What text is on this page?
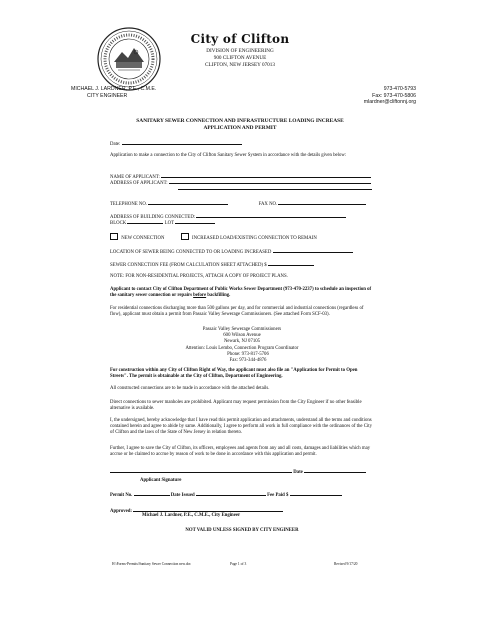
City of Clifton
DIVISION OF ENGINEERING
900 CLIFTON AVENUE
CLIFTON, NEW JERSEY 07013
MICHAEL J. LARDNER, P.E., C.M.E.
CITY ENGINEER
973-470-5793
Fax: 973-470-5806
mlardner@cliftonnj.org
SANITARY SEWER CONNECTION AND INFRASTRUCTURE LOADING INCREASE
APPLICATION AND PERMIT
Date:
Application to make a connection to the City of Clifton Sanitary Sewer System in accordance with the details given below:
NAME OF APPLICANT:
ADDRESS OF APPLICANT:
TELEPHONE NO.	FAX NO.
ADDRESS OF BUILDING CONNECTED:
BLOCK	LOT
NEW CONNECTION	INCREASED LOAD/EXISTING CONNECTION TO REMAIN
LOCATION OF SEWER BEING CONNECTED TO OR LOADING INCREASED
SEWER CONNECTION FEE (FROM CALCULATION SHEET ATTACHED) $
NOTE: FOR NON-RESIDENTIAL PROJECTS, ATTACH A COPY OF PROJECT PLANS.
Applicant to contact City of Clifton Department of Public Works Sewer Department (973-470-2237) to schedule an inspection of the sanitary sewer connection or repairs before backfilling.
For residential connections discharging more than 500 gallons per day, and for commercial and industrial connections (regardless of flow), applicant must obtain a permit from Passaic Valley Sewerage Commissioners. (See attached Form SCF-03).
Passaic Valley Sewerage Commissioners
600 Wilson Avenue
Newark, NJ 07105
Attention: Louis Lembo, Connection Program Coordinator
Phone: 973-817-5706
Fax: 973-344-4876
For construction within any City of Clifton Right of Way, the applicant must also file an "Application for Permit to Open Streets". The permit is obtainable at the City of Clifton, Department of Engineering.
All constructed connections are to be made in accordance with the attached details.
Direct connections to sewer manholes are prohibited. Applicant may request permission from the City Engineer if no other feasible alternative is available.
I, the undersigned, hereby acknowledge that I have read this permit application and attachments, understand all the terms and conditions contained herein and agree to abide by same. Additionally, I agree to perform all work in full compliance with the ordinances of the City of Clifton and the laws of the State of New Jersey in relation thereto.
Further, I agree to save the City of Clifton, its officers, employees and agents from any and all costs, damages and liabilities which may accrue or be claimed to accrue by reason of work to be done in accordance with this application and permit.
Date
Applicant Signature
Permit No.	Date Issued	Fee Paid $
Approved:
Michael J. Lardner, P.E., C.M.E., City Engineer
NOT VALID UNLESS SIGNED BY CITY ENGINEER
H:\Forms-Permits\Sanitary Sewer Connection new.doc	Page 1 of 3	Revised 9/17/20
